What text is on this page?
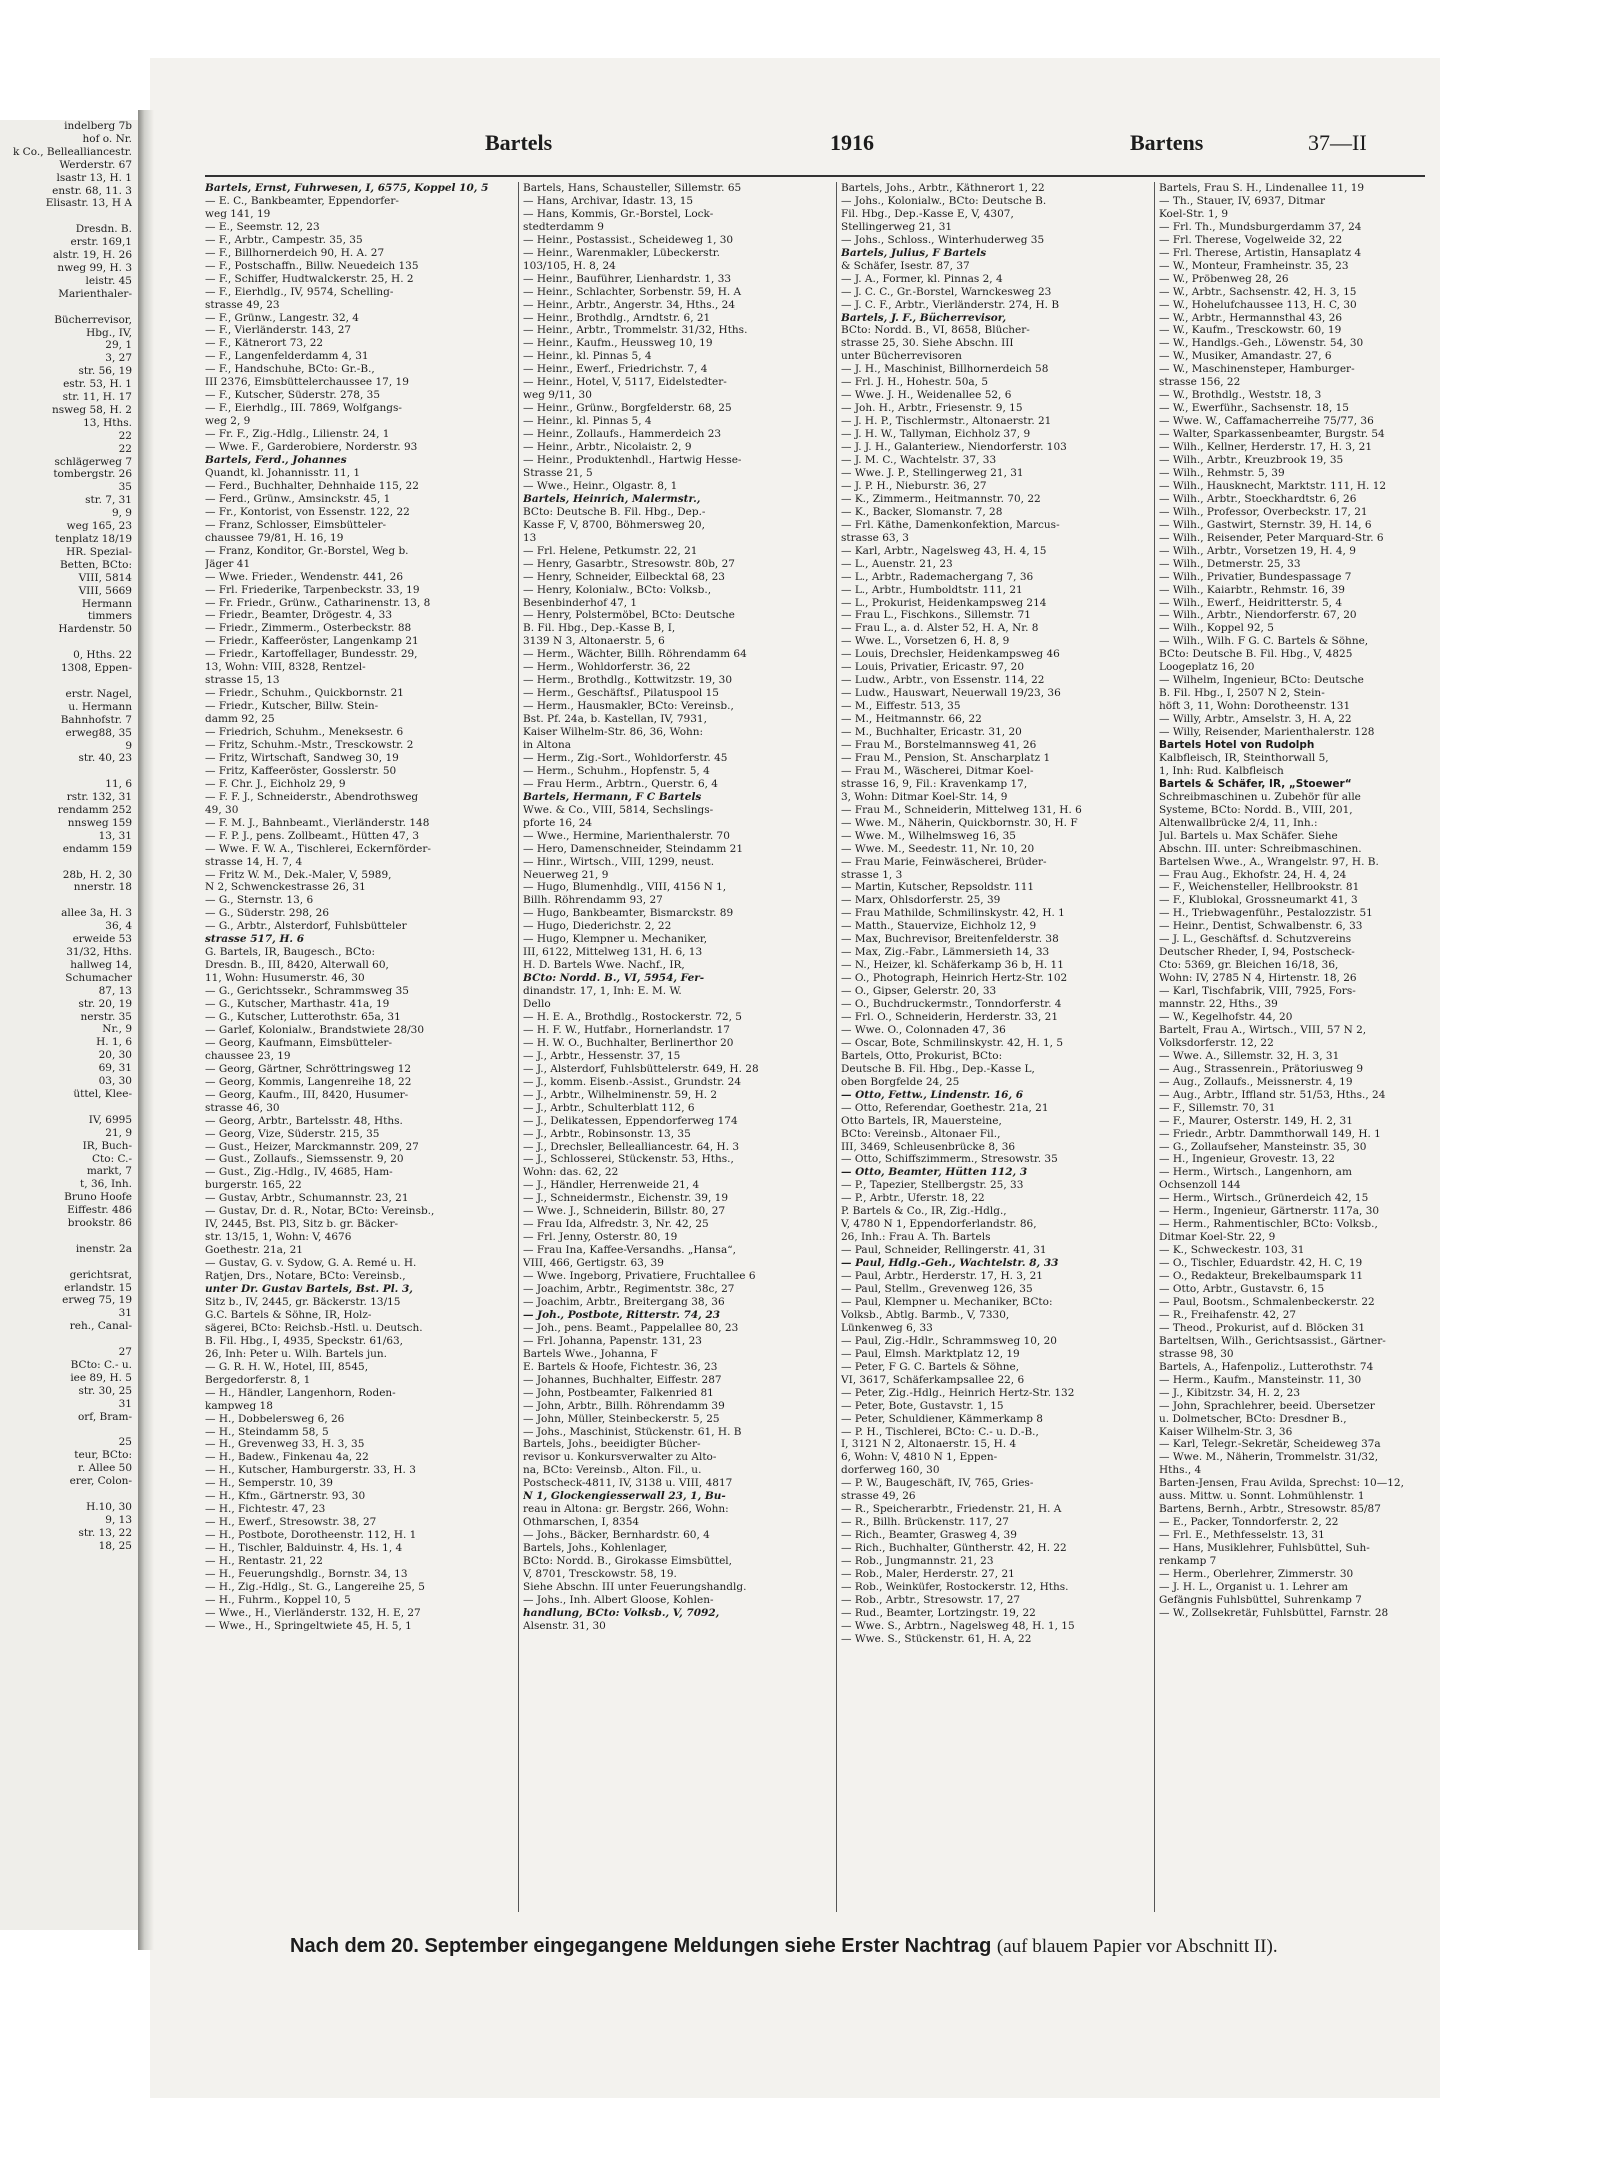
indelberg 7b
hof o. Nr.
k Co., Bellealliancestr.
Werderstr. 67
lsastr 13, H. 1
enstr. 68, 11. 3
Elisastr. 13, H A

Dresdn. B.
erstr. 169,1
alstr. 19, H. 26
nweg 99, H. 3
leistr. 45
Marienthaler-

Bücherrevisor,
Hbg., IV,
29, 1
3, 27
str. 56, 19
estr. 53, H. 1
str. 11, H. 17
nsweg 58, H. 2
13, Hths.
22
22
schlägerweg 7
tombergstr. 26
35
str. 7, 31
9, 9
weg 165, 23
tenplatz 18/19
HR. Spezial-
Betten, BCto:
VIII, 5814
VIII, 5669
Hermann
timmers
Hardenstr. 50

0, Hths. 22
1308, Eppen-

erstr. Nagel,
u. Hermann
Bahnhofstr. 7
erweg88, 35
9
str. 40, 23

11, 6
rstr. 132, 31
rendamm 252
nnsweg 159
13, 31
endamm 159

28b, H. 2, 30
nnerstr. 18

allee 3a, H. 3
36, 4
erweide 53
31/32, Hths.
hallweg 14,
Schumacher
87, 13
str. 20, 19
nerstr. 35
Nr., 9
H. 1, 6
20, 30
69, 31
03, 30
üttel, Klee-

IV, 6995
21, 9
IR, Buch-
Cto: C.-
markt, 7
t, 36, Inh.
Bruno Hoofe
Eiffestr. 486
brookstr. 86

inenstr. 2a

gerichtsrat,
erlandstr. 15
erweg 75, 19
31
reh., Canal-

27
BCto: C.- u.
iee 89, H. 5
str. 30, 25
31
orf, Bram-

25
teur, BCto:
r. Allee 50
erer, Colon-

H.10, 30
9, 13
str. 13, 22
18, 25
Bartels	1916	Bartens	37—II
Bartels, Ernst, Fuhrwesen, I, 6575, Koppel 10, 5
— E. C., Bankbeamter, Eppendorfer-
weg 141, 19
— E., Seemstr. 12, 23
— F., Arbtr., Campestr. 35, 35
— F., Billhornerdeich 90, H. A. 27
— F., Postschaffn., Billw. Neuedeich 135
— F., Schiffer, Hudtwalckerstr. 25, H. 2
— F., Eierhdlg., IV, 9574, Schelling-
strasse 49, 23
— F., Grünw., Langestr. 32, 4
— F., Vierländerstr. 143, 27
— F., Kätnerort 73, 22
— F., Langenfelderdamm 4, 31
— F., Handschuhe, BCto: Gr.-B.,
III 2376, Eimsbüttelerchaussee 17, 19
— F., Kutscher, Süderstr. 278, 35
— F., Eierhdlg., III. 7869, Wolfgangs-
weg 2, 9
— Fr. F., Zig.-Hdlg., Lilienstr. 24, 1
— Wwe. F., Garderobiere, Norderstr. 93
Bartels, Ferd., Johannes
Quandt, kl. Johannisstr. 11, 1
— Ferd., Buchhalter, Dehnhaide 115, 22
— Ferd., Grünw., Amsinckstr. 45, 1
— Fr., Kontorist, von Essenstr. 122, 22
— Franz, Schlosser, Eimsbütteler-
chaussee 79/81, H. 16, 19
— Franz, Konditor, Gr.-Borstel, Weg b.
Jäger 41
— Wwe. Frieder., Wendenstr. 441, 26
— Frl. Friederike, Tarpenbeckstr. 33, 19
— Fr. Friedr., Grünw., Catharinenstr. 13, 8
— Friedr., Beamter, Drögestr. 4, 33
— Friedr., Zimmerm., Osterbeckstr. 88
— Friedr., Kaffeeröster, Langenkamp 21
— Friedr., Kartoffellager, Bundesstr. 29,
13, Wohn: VIII, 8328, Rentzel-
strasse 15, 13
— Friedr., Schuhm., Quickbornstr. 21
— Friedr., Kutscher, Billw. Stein-
damm 92, 25
— Friedrich, Schuhm., Meneksestr. 6
— Fritz, Schuhm.-Mstr., Tresckowstr. 2
— Fritz, Wirtschaft, Sandweg 30, 19
— Fritz, Kaffeeröster, Gosslerstr. 50
— F. Chr. J., Eichholz 29, 9
— F. F. J., Schneiderstr., Abendrothsweg
49, 30
— F. M. J., Bahnbeamt., Vierländerstr. 148
— F. P. J., pens. Zollbeamt., Hütten 47, 3
— Wwe. F. W. A., Tischlerei, Eckernförder-
strasse 14, H. 7, 4
— Fritz W. M., Dek.-Maler, V, 5989,
N 2, Schwenckestrasse 26, 31
— G., Sternstr. 13, 6
— G., Süderstr. 298, 26
— G., Arbtr., Alsterdorf, Fuhlsbütteler
strasse 517, H. 6
G. Bartels, IR, Baugesch., BCto:
Dresdn. B., III, 8420, Alterwall 60,
11, Wohn: Husumerstr. 46, 30
— G., Gerichtssekr., Schrammsweg 35
— G., Kutscher, Marthastr. 41a, 19
— G., Kutscher, Lutterothstr. 65a, 31
— Garlef, Kolonialw., Brandstwiete 28/30
— Georg, Kaufmann, Eimsbütteler-
chaussee 23, 19
— Georg, Gärtner, Schröttringsweg 12
— Georg, Kommis, Langenreihe 18, 22
— Georg, Kaufm., III, 8420, Husumer-
strasse 46, 30
— Georg, Arbtr., Bartelsstr. 48, Hths.
— Georg, Vize, Süderstr. 215, 35
— Gust., Heizer, Marckmannstr. 209, 27
— Gust., Zollaufs., Siemssenstr. 9, 20
— Gust., Zig.-Hdlg., IV, 4685, Ham-
burgerstr. 165, 22
— Gustav, Arbtr., Schumannstr. 23, 21
— Gustav, Dr. d. R., Notar, BCto: Vereinsb.,
IV, 2445, Bst. Pl3, Sitz b. gr. Bäcker-
str. 13/15, 1, Wohn: V, 4676
Goethestr. 21a, 21
— Gustav, G. v. Sydow, G. A. Remé u. H.
Ratjen, Drs., Notare, BCto: Vereinsb.,
unter Dr. Gustav Bartels, Bst. Pl. 3,
Sitz b., IV, 2445, gr. Bäckerstr. 13/15
G.C. Bartels & Söhne, IR, Holz-
sägerei, BCto: Reichsb.-Hstl. u. Deutsch.
B. Fil. Hbg., I, 4935, Speckstr. 61/63,
26, Inh: Peter u. Wilh. Bartels jun.
— G. R. H. W., Hotel, III, 8545,
Bergedorferstr. 8, 1
— H., Händler, Langenhorn, Roden-
kampweg 18
— H., Dobbelersweg 6, 26
— H., Steindamm 58, 5
— H., Grevenweg 33, H. 3, 35
— H., Badew., Finkenau 4a, 22
— H., Kutscher, Hamburgerstr. 33, H. 3
— H., Semperstr. 10, 39
— H., Kfm., Gärtnerstr. 93, 30
— H., Fichtestr. 47, 23
— H., Ewerf., Stresowstr. 38, 27
— H., Postbote, Dorotheenstr. 112, H. 1
— H., Tischler, Balduinstr. 4, Hs. 1, 4
— H., Rentastr. 21, 22
— H., Feuerungshdlg., Bornstr. 34, 13
— H., Zig.-Hdlg., St. G., Langereihe 25, 5
— H., Fuhrm., Koppel 10, 5
— Wwe., H., Vierländerstr. 132, H. E, 27
— Wwe., H., Springeltwiete 45, H. 5, 1
Bartels, Hans, Schausteller, Sillemstr. 65
— Hans, Archivar, Idastr. 13, 15
— Hans, Kommis, Gr.-Borstel, Lock-
stedterdamm 9
— Heinr., Postassist., Scheideweg 1, 30
— Heinr., Warenmakler, Lübeckerstr.
103/105, H. 8, 24
— Heinr., Bauführer, Lienhardstr. 1, 33
— Heinr., Schlachter, Sorbenstr. 59, H. A
— Heinr., Arbtr., Angerstr. 34, Hths., 24
— Heinr., Brothdlg., Arndtstr. 6, 21
— Heinr., Arbtr., Trommelstr. 31/32, Hths.
— Heinr., Kaufm., Heussweg 10, 19
— Heinr., kl. Pinnas 5, 4
— Heinr., Ewerf., Friedrichstr. 7, 4
— Heinr., Hotel, V, 5117, Eidelstedter-
weg 9/11, 30
— Heinr., Grünw., Borgfelderstr. 68, 25
— Heinr., kl. Pinnas 5, 4
— Heinr., Zollaufs., Hammerdeich 23
— Heinr., Arbtr., Nicolaistr. 2, 9
— Heinr., Produktenhdl., Hartwig Hesse-
Strasse 21, 5
— Wwe., Heinr., Olgastr. 8, 1
Bartels, Heinrich, Malermstr.,
BCto: Deutsche B. Fil. Hbg., Dep.-
Kasse F, V, 8700, Böhmersweg 20,
13
— Frl. Helene, Petkumstr. 22, 21
— Henry, Gasarbtr., Stresowstr. 80b, 27
— Henry, Schneider, Eilbecktal 68, 23
— Henry, Kolonialw., BCto: Volksb.,
Besenbinderhof 47, 1
— Henry, Polstermöbel, BCto: Deutsche
B. Fil. Hbg., Dep.-Kasse B, I,
3139 N 3, Altonaerstr. 5, 6
— Herm., Wächter, Billh. Röhrendamm 64
— Herm., Wohldorferstr. 36, 22
— Herm., Brothdlg., Kottwitzstr. 19, 30
— Herm., Geschäftsf., Pilatuspool 15
— Herm., Hausmakler, BCto: Vereinsb.,
Bst. Pf. 24a, b. Kastellan, IV, 7931,
Kaiser Wilhelm-Str. 86, 36, Wohn:
in Altona
— Herm., Zig.-Sort., Wohldorferstr. 45
— Herm., Schuhm., Hopfenstr. 5, 4
— Frau Herm., Arbtrn., Querstr. 6, 4
Bartels, Hermann, F C Bartels
Wwe. & Co., VIII, 5814, Sechslings-
pforte 16, 24
— Wwe., Hermine, Marienthalerstr. 70
— Hero, Damenschneider, Steindamm 21
— Hinr., Wirtsch., VIII, 1299, neust.
Neuerweg 21, 9
— Hugo, Blumenhdlg., VIII, 4156 N 1,
Billh. Röhrendamm 93, 27
— Hugo, Bankbeamter, Bismarckstr. 89
— Hugo, Diederichstr. 2, 22
— Hugo, Klempner u. Mechaniker,
III, 6122, Mittelweg 131, H. 6, 13
H. D. Bartels Wwe. Nachf., IR,
BCto: Nordd. B., VI, 5954, Fer-
dinandstr. 17, 1, Inh: E. M. W.
Dello
— H. E. A., Brothdlg., Rostockerstr. 72, 5
— H. F. W., Hutfabr., Hornerlandstr. 17
— H. W. O., Buchhalter, Berlinerthor 20
— J., Arbtr., Hessenstr. 37, 15
— J., Alsterdorf, Fuhlsbüttelerstr. 649, H. 28
— J., komm. Eisenb.-Assist., Grundstr. 24
— J., Arbtr., Wilhelminenstr. 59, H. 2
— J., Arbtr., Schulterblatt 112, 6
— J., Delikatessen, Eppendorferweg 174
— J., Arbtr., Robinsonstr. 13, 35
— J., Drechsler, Bellealliancestr. 64, H. 3
— J., Schlosserei, Stückenstr. 53, Hths.,
Wohn: das. 62, 22
— J., Händler, Herrenweide 21, 4
— J., Schneidermstr., Eichenstr. 39, 19
— Wwe. J., Schneiderin, Billstr. 80, 27
— Frau Ida, Alfredstr. 3, Nr. 42, 25
— Frl. Jenny, Osterstr. 80, 19
— Frau Ina, Kaffee-Versandhs. „Hansa“,
VIII, 466, Gertigstr. 63, 39
— Wwe. Ingeborg, Privatiere, Fruchtallee 6
— Joachim, Arbtr., Regimentstr. 38c, 27
— Joachim, Arbtr., Breitergang 38, 36
— Joh., Postbote, Ritterstr. 74, 23
— Joh., pens. Beamt., Pappelallee 80, 23
— Frl. Johanna, Papenstr. 131, 23
Bartels Wwe., Johanna, F
E. Bartels & Hoofe, Fichtestr. 36, 23
— Johannes, Buchhalter, Eiffestr. 287
— John, Postbeamter, Falkenried 81
— John, Arbtr., Billh. Röhrendamm 39
— John, Müller, Steinbeckerstr. 5, 25
— Johs., Maschinist, Stückenstr. 61, H. B
Bartels, Johs., beeidigter Bücher-
revisor u. Konkursverwalter zu Alto-
na, BCto: Vereinsb., Alton. Fil., u.
Postscheck-4811, IV, 3138 u. VIII, 4817
N 1, Glockengiesserwall 23, 1, Bu-
reau in Altona: gr. Bergstr. 266, Wohn:
Othmarschen, I, 8354
— Johs., Bäcker, Bernhardstr. 60, 4
Bartels, Johs., Kohlenlager,
BCto: Nordd. B., Girokasse Eimsbüttel,
V, 8701, Tresckowstr. 58, 19.
Siehe Abschn. III unter Feuerungshandlg.
— Johs., Inh. Albert Gloose, Kohlen-
handlung, BCto: Volksb., V, 7092,
Alsenstr. 31, 30
Bartels, Johs., Arbtr., Käthnerort 1, 22
— Johs., Kolonialw., BCto: Deutsche B.
Fil. Hbg., Dep.-Kasse E, V, 4307,
Stellingerweg 21, 31
— Johs., Schloss., Winterhuderweg 35
Bartels, Julius, F Bartels
& Schäfer, Isestr. 87, 37
— J. A., Former, kl. Pinnas 2, 4
— J. C. C., Gr.-Borstel, Warnckesweg 23
— J. C. F., Arbtr., Vierländerstr. 274, H. B
Bartels, J. F., Bücherrevisor,
BCto: Nordd. B., VI, 8658, Blücher-
strasse 25, 30. Siehe Abschn. III
unter Bücherrevisoren
— J. H., Maschinist, Billhornerdeich 58
— Frl. J. H., Hohestr. 50a, 5
— Wwe. J. H., Weidenallee 52, 6
— Joh. H., Arbtr., Friesenstr. 9, 15
— J. H. P., Tischlermstr., Altonaerstr. 21
— J. H. W., Tallyman, Eichholz 37, 9
— J. J. H., Galanteriew., Niendorferstr. 103
— J. M. C., Wachtelstr. 37, 33
— Wwe. J. P., Stellingerweg 21, 31
— J. P. H., Nieburstr. 36, 27
— K., Zimmerm., Heitmannstr. 70, 22
— K., Backer, Slomanstr. 7, 28
— Frl. Käthe, Damenkonfektion, Marcus-
strasse 63, 3
— Karl, Arbtr., Nagelsweg 43, H. 4, 15
— L., Auenstr. 21, 23
— L., Arbtr., Rademachergang 7, 36
— L., Arbtr., Humboldtstr. 111, 21
— L., Prokurist, Heidenkampsweg 214
— Frau L., Fischkons., Sillemstr. 71
— Frau L., a. d. Alster 52, H. A, Nr. 8
— Wwe. L., Vorsetzen 6, H. 8, 9
— Louis, Drechsler, Heidenkampsweg 46
— Louis, Privatier, Ericastr. 97, 20
— Ludw., Arbtr., von Essenstr. 114, 22
— Ludw., Hauswart, Neuerwall 19/23, 36
— M., Eiffestr. 513, 35
— M., Heitmannstr. 66, 22
— M., Buchhalter, Ericastr. 31, 20
— Frau M., Borstelmannsweg 41, 26
— Frau M., Pension, St. Anscharplatz 1
— Frau M., Wäscherei, Ditmar Koel-
strasse 16, 9, Fil.: Kravenkamp 17,
3, Wohn: Ditmar Koel-Str. 14, 9
— Frau M., Schneiderin, Mittelweg 131, H. 6
— Wwe. M., Näherin, Quickbornstr. 30, H. F
— Wwe. M., Wilhelmsweg 16, 35
— Wwe. M., Seedestr. 11, Nr. 10, 20
— Frau Marie, Feinwäscherei, Brüder-
strasse 1, 3
— Martin, Kutscher, Repsoldstr. 111
— Marx, Ohlsdorferstr. 25, 39
— Frau Mathilde, Schmilinskystr. 42, H. 1
— Matth., Stauervize, Eichholz 12, 9
— Max, Buchrevisor, Breitenfelderstr. 38
— Max, Zig.-Fabr., Lämmersieth 14, 33
— N., Heizer, kl. Schäferkamp 36 b, H. 11
— O., Photograph, Heinrich Hertz-Str. 102
— O., Gipser, Gelerstr. 20, 33
— O., Buchdruckermstr., Tonndorferstr. 4
— Frl. O., Schneiderin, Herderstr. 33, 21
— Wwe. O., Colonnaden 47, 36
— Oscar, Bote, Schmilinskystr. 42, H. 1, 5
Bartels, Otto, Prokurist, BCto:
Deutsche B. Fil. Hbg., Dep.-Kasse L,
oben Borgfelde 24, 25
— Otto, Fettw., Lindenstr. 16, 6
— Otto, Referendar, Goethestr. 21a, 21
Otto Bartels, IR, Mauersteine,
BCto: Vereinsb., Altonaer Fil.,
III, 3469, Schleusenbrücke 8, 36
— Otto, Schiffszimmerm., Stresowstr. 35
— Otto, Beamter, Hütten 112, 3
— P., Tapezier, Stellbergstr. 25, 33
— P., Arbtr., Uferstr. 18, 22
P. Bartels & Co., IR, Zig.-Hdlg.,
V, 4780 N 1, Eppendorferlandstr. 86,
26, Inh.: Frau A. Th. Bartels
— Paul, Schneider, Rellingerstr. 41, 31
— Paul, Hdlg.-Geh., Wachtelstr. 8, 33
— Paul, Arbtr., Herderstr. 17, H. 3, 21
— Paul, Stellm., Grevenweg 126, 35
— Paul, Klempner u. Mechaniker, BCto:
Volksb., Abtlg. Barmb., V, 7330,
Lünkenweg 6, 33
— Paul, Zig.-Hdlr., Schrammsweg 10, 20
— Paul, Elmsh. Marktplatz 12, 19
— Peter, F G. C. Bartels & Söhne,
VI, 3617, Schäferkampsallee 22, 6
— Peter, Zig.-Hdlg., Heinrich Hertz-Str. 132
— Peter, Bote, Gustavstr. 1, 15
— Peter, Schuldiener, Kämmerkamp 8
— P. H., Tischlerei, BCto: C.- u. D.-B.,
I, 3121 N 2, Altonaerstr. 15, H. 4
6, Wohn: V, 4810 N 1, Eppen-
dorferweg 160, 30
— P. W., Baugeschäft, IV, 765, Gries-
strasse 49, 26
— R., Speicherarbtr., Friedenstr. 21, H. A
— R., Billh. Brückenstr. 117, 27
— Rich., Beamter, Grasweg 4, 39
— Rich., Buchhalter, Güntherstr. 42, H. 22
— Rob., Jungmannstr. 21, 23
— Rob., Maler, Herderstr. 27, 21
— Rob., Weinküfer, Rostockerstr. 12, Hths.
— Rob., Arbtr., Stresowstr. 17, 27
— Rud., Beamter, Lortzingstr. 19, 22
— Wwe. S., Arbtrn., Nagelsweg 48, H. 1, 15
— Wwe. S., Stückenstr. 61, H. A, 22
Bartels, Frau S. H., Lindenallee 11, 19
— Th., Stauer, IV, 6937, Ditmar
Koel-Str. 1, 9
— Frl. Th., Mundsburgerdamm 37, 24
— Frl. Therese, Vogelweide 32, 22
— Frl. Therese, Artistin, Hansaplatz 4
— W., Monteur, Framheinstr. 35, 23
— W., Pröbenweg 28, 26
— W., Arbtr., Sachsenstr. 42, H. 3, 15
— W., Hohelufchaussee 113, H. C, 30
— W., Arbtr., Hermannsthal 43, 26
— W., Kaufm., Tresckowstr. 60, 19
— W., Handlgs.-Geh., Löwenstr. 54, 30
— W., Musiker, Amandastr. 27, 6
— W., Maschinensteper, Hamburger-
strasse 156, 22
— W., Brothdlg., Weststr. 18, 3
— W., Ewerführ., Sachsenstr. 18, 15
— Wwe. W., Caffamacherreihe 75/77, 36
— Walter, Sparkassenbeamter, Burgstr. 54
— Wilh., Kellner, Herderstr. 17, H. 3, 21
— Wilh., Arbtr., Kreuzbrook 19, 35
— Wilh., Rehmstr. 5, 39
— Wilh., Hausknecht, Marktstr. 111, H. 12
— Wilh., Arbtr., Stoeckhardtstr. 6, 26
— Wilh., Professor, Overbeckstr. 17, 21
— Wilh., Gastwirt, Sternstr. 39, H. 14, 6
— Wilh., Reisender, Peter Marquard-Str. 6
— Wilh., Arbtr., Vorsetzen 19, H. 4, 9
— Wilh., Detmerstr. 25, 33
— Wilh., Privatier, Bundespassage 7
— Wilh., Kaiarbtr., Rehmstr. 16, 39
— Wilh., Ewerf., Heidritterstr. 5, 4
— Wilh., Arbtr., Niendorferstr. 67, 20
— Wilh., Koppel 92, 5
— Wilh., Wilh. F G. C. Bartels & Söhne,
BCto: Deutsche B. Fil. Hbg., V, 4825
Loogeplatz 16, 20
— Wilhelm, Ingenieur, BCto: Deutsche
B. Fil. Hbg., I, 2507 N 2, Stein-
höft 3, 11, Wohn: Dorotheenstr. 131
— Willy, Arbtr., Amselstr. 3, H. A, 22
— Willy, Reisender, Marienthalerstr. 128
Bartels Hotel von Rudolph
Kalbfleisch, IR, Steinthorwall 5,
1, Inh: Rud. Kalbfleisch
Bartels & Schäfer, IR, „Stoewer“
Schreibmaschinen u. Zubehör für alle
Systeme, BCto: Nordd. B., VIII, 201,
Altenwallbrücke 2/4, 11, Inh.:
Jul. Bartels u. Max Schäfer. Siehe
Abschn. III. unter: Schreibmaschinen.
Bartelsen Wwe., A., Wrangelstr. 97, H. B.
— Frau Aug., Ekhofstr. 24, H. 4, 24
— F., Weichensteller, Hellbrookstr. 81
— F., Klublokal, Grossneumarkt 41, 3
— H., Triebwagenführ., Pestalozzistr. 51
— Heinr., Dentist, Schwalbenstr. 6, 33
— J. L., Geschäftsf. d. Schutzvereins
Deutscher Rheder, I, 94, Postscheck-
Cto: 5369, gr. Bleichen 16/18, 36,
Wohn: IV, 2785 N 4, Hirtenstr. 18, 26
— Karl, Tischfabrik, VIII, 7925, Fors-
mannstr. 22, Hths., 39
— W., Kegelhofstr. 44, 20
Bartelt, Frau A., Wirtsch., VIII, 57 N 2,
Volksdorferstr. 12, 22
— Wwe. A., Sillemstr. 32, H. 3, 31
— Aug., Strassenrein., Prätoriusweg 9
— Aug., Zollaufs., Meissnerstr. 4, 19
— Aug., Arbtr., Iffland str. 51/53, Hths., 24
— F., Sillemstr. 70, 31
— F., Maurer, Osterstr. 149, H. 2, 31
— Friedr., Arbtr. Dammthorwall 149, H. 1
— G., Zollaufseher, Mansteinstr. 35, 30
— H., Ingenieur, Grovestr. 13, 22
— Herm., Wirtsch., Langenhorn, am
Ochsenzoll 144
— Herm., Wirtsch., Grünerdeich 42, 15
— Herm., Ingenieur, Gärtnerstr. 117a, 30
— Herm., Rahmentischler, BCto: Volksb.,
Ditmar Koel-Str. 22, 9
— K., Schweckestr. 103, 31
— O., Tischler, Eduardstr. 42, H. C, 19
— O., Redakteur, Brekelbaumspark 11
— Otto, Arbtr., Gustavstr. 6, 15
— Paul, Bootsm., Schmalenbeckerstr. 22
— R., Freihafenstr. 42, 27
— Theod., Prokurist, auf d. Blöcken 31
Barteltsen, Wilh., Gerichtsassist., Gärtner-
strasse 98, 30
Bartels, A., Hafenpoliz., Lutterothstr. 74
— Herm., Kaufm., Mansteinstr. 11, 30
— J., Kibitzstr. 34, H. 2, 23
— John, Sprachlehrer, beeid. Übersetzer
u. Dolmetscher, BCto: Dresdner B.,
Kaiser Wilhelm-Str. 3, 36
— Karl, Telegr.-Sekretär, Scheideweg 37a
— Wwe. M., Näherin, Trommelstr. 31/32,
Hths., 4
Barten-Jensen, Frau Avilda, Sprechst: 10—12,
auss. Mittw. u. Sonnt. Lohmühlenstr. 1
Bartens, Bernh., Arbtr., Stresowstr. 85/87
— E., Packer, Tonndorferstr. 2, 22
— Frl. E., Methfesselstr. 13, 31
— Hans, Musiklehrer, Fuhlsbüttel, Suh-
renkamp 7
— Herm., Oberlehrer, Zimmerstr. 30
— J. H. L., Organist u. 1. Lehrer am
Gefängnis Fuhlsbüttel, Suhrenkamp 7
— W., Zollsekretär, Fuhlsbüttel, Farnstr. 28
Nach dem 20. September eingegangene Meldungen siehe Erster Nachtrag (auf blauem Papier vor Abschnitt II).
